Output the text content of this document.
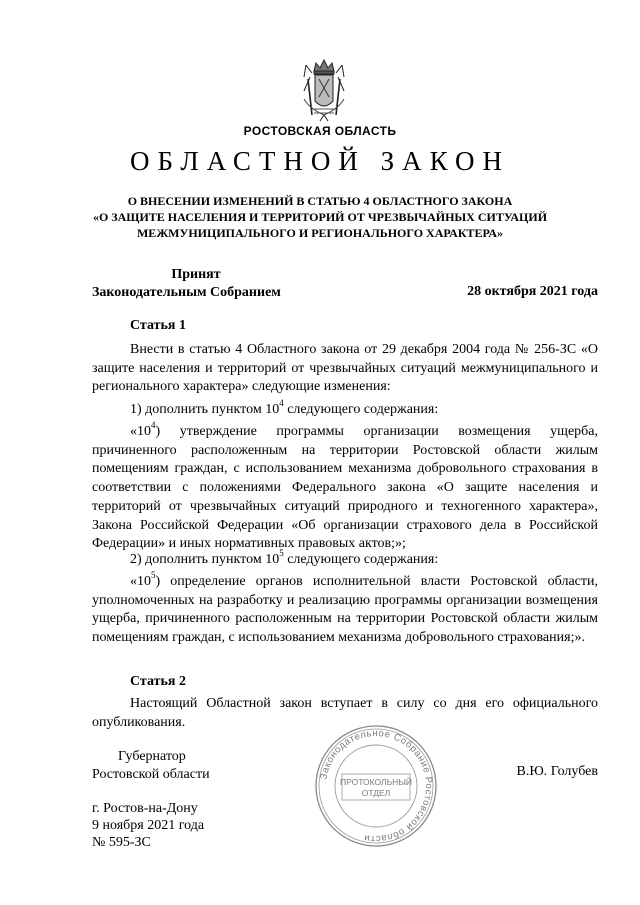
РОСТОВСКАЯ ОБЛАСТЬ
ОБЛАСТНОЙ ЗАКОН
О ВНЕСЕНИИ ИЗМЕНЕНИЙ В СТАТЬЮ 4 ОБЛАСТНОГО ЗАКОНА
«О ЗАЩИТЕ НАСЕЛЕНИЯ И ТЕРРИТОРИЙ ОТ ЧРЕЗВЫЧАЙНЫХ СИТУАЦИЙ
МЕЖМУНИЦИПАЛЬНОГО И РЕГИОНАЛЬНОГО ХАРАКТЕРА»
Принят
Законодательным Собранием	28 октября 2021 года
Статья 1
Внести в статью 4 Областного закона от 29 декабря 2004 года № 256-ЗС «О защите населения и территорий от чрезвычайных ситуаций межмуниципального и регионального характера» следующие изменения:
1) дополнить пунктом $10^4$ следующего содержания:
«$10^4$) утверждение программы организации возмещения ущерба, причиненного расположенным на территории Ростовской области жилым помещениям граждан, с использованием механизма добровольного страхования в соответствии с положениями Федерального закона «О защите населения и территорий от чрезвычайных ситуаций природного и техногенного характера», Закона Российской Федерации «Об организации страхового дела в Российской Федерации» и иных нормативных правовых актов;»;
2) дополнить пунктом $10^5$ следующего содержания:
«$10^5$) определение органов исполнительной власти Ростовской области, уполномоченных на разработку и реализацию программы организации возмещения ущерба, причиненного расположенным на территории Ростовской области жилым помещениям граждан, с использованием механизма добровольного страхования;».
Статья 2
Настоящий Областной закон вступает в силу со дня его официального опубликования.
Губернатор
Ростовской области	В.Ю. Голубев
г. Ростов-на-Дону
9 ноября 2021 года
№ 595-ЗС
Законодательное Собрание Ростовской области
ПРОТОКОЛЬНЫЙ
ОТДЕЛ
